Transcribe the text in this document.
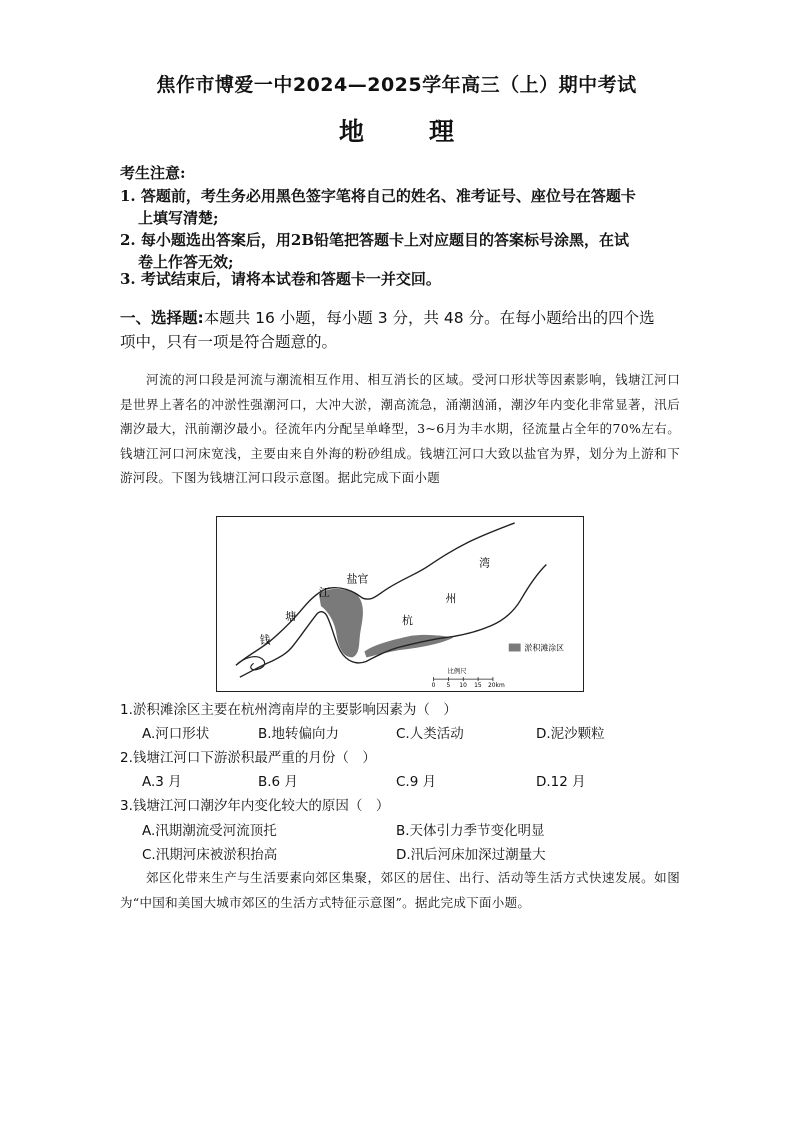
焦作市博爱一中2024—2025学年高三（上）期中考试
地　理
考生注意:
1. 答题前，考生务必用黑色签字笔将自己的姓名、准考证号、座位号在答题卡
上填写清楚;
2. 每小题选出答案后，用2B铅笔把答题卡上对应题目的答案标号涂黑，在试
卷上作答无效;
3. 考试结束后，请将本试卷和答题卡一并交回。
一、选择题:本题共 16 小题，每小题 3 分，共 48 分。在每小题给出的四个选
项中，只有一项是符合题意的。
　　河流的河口段是河流与潮流相互作用、相互消长的区域。受河口形状等因素影响，钱塘江河口是世界上著名的冲淤性强潮河口，大冲大淤，潮高流急，涌潮汹涌，潮汐年内变化非常显著，汛后潮汐最大，汛前潮汐最小。径流年内分配呈单峰型，3~6月为丰水期，径流量占全年的70%左右。钱塘江河口河床宽浅，主要由来自外海的粉砂组成。钱塘江河口大致以盐官为界，划分为上游和下游河段。下图为钱塘江河口段示意图。据此完成下面小题
盐官
湾
州
杭
钱
塘
江
淤积滩涂区
比例尺
0 5 10 15 20km
1.淤积滩涂区主要在杭州湾南岸的主要影响因素为（　）
A.河口形状	B.地转偏向力	C.人类活动	D.泥沙颗粒
2.钱塘江河口下游淤积最严重的月份（　）
A.3 月	B.6 月	C.9 月	D.12 月
3.钱塘江河口潮汐年内变化较大的原因（　）
A.汛期潮流受河流顶托	B.天体引力季节变化明显
C.汛期河床被淤积抬高	D.汛后河床加深过潮量大
　　郊区化带来生产与生活要素向郊区集聚，郊区的居住、出行、活动等生活方式快速发展。如图为“中国和美国大城市郊区的生活方式特征示意图”。据此完成下面小题。
